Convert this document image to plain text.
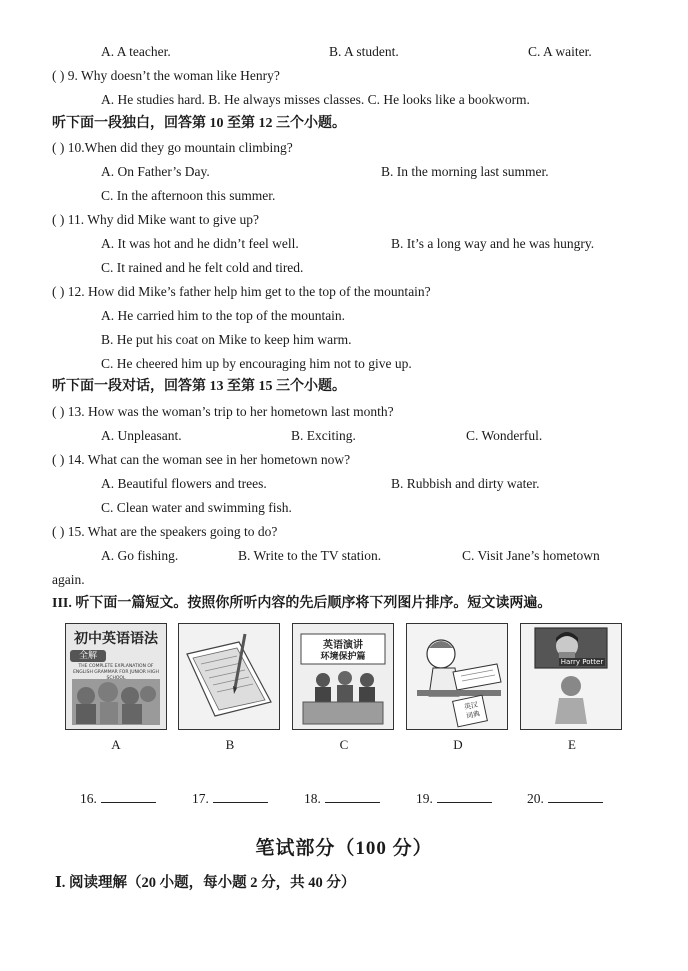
A. A teacher.	B. A student.	C. A waiter.
( ) 9. Why doesn’t the woman like Henry?
A. He studies hard. B. He always misses classes. C. He looks like a bookworm.
听下面一段独白，回答第 10 至第 12 三个小题。
( ) 10.When did they go mountain climbing?
A. On Father’s Day.	B. In the morning last summer.
C. In the afternoon this summer.
( ) 11. Why did Mike want to give up?
A. It was hot and he didn’t feel well.	B. It’s a long way and he was hungry.
C. It rained and he felt cold and tired.
( ) 12. How did Mike’s father help him get to the top of the mountain?
A. He carried him to the top of the mountain.
B. He put his coat on Mike to keep him warm.
C. He cheered him up by encouraging him not to give up.
听下面一段对话，回答第 13 至第 15 三个小题。
( ) 13. How was the woman’s trip to her hometown last month?
A. Unpleasant.	B. Exciting.	C. Wonderful.
( ) 14. What can the woman see in her hometown now?
A. Beautiful flowers and trees.	B. Rubbish and dirty water.
C. Clean water and swimming fish.
( ) 15. What are the speakers going to do?
A. Go fishing.	B. Write to the TV station.	C. Visit Jane’s hometown
again.
III. 听下面一篇短文。按照你所听内容的先后顺序将下列图片排序。短文读两遍。
初中英语语法
全解
THE COMPLETE EXPLANATION OF ENGLISH GRAMMAR FOR JUNIOR HIGH SCHOOL
英语演讲
环境保护篇
英汉
词典
Harry Potter
A	B	C	D	E
16.	17.	18.	19.	20.
笔试部分（100 分）
Ⅰ. 阅读理解（20 小题，每小题 2 分，共 40 分）
